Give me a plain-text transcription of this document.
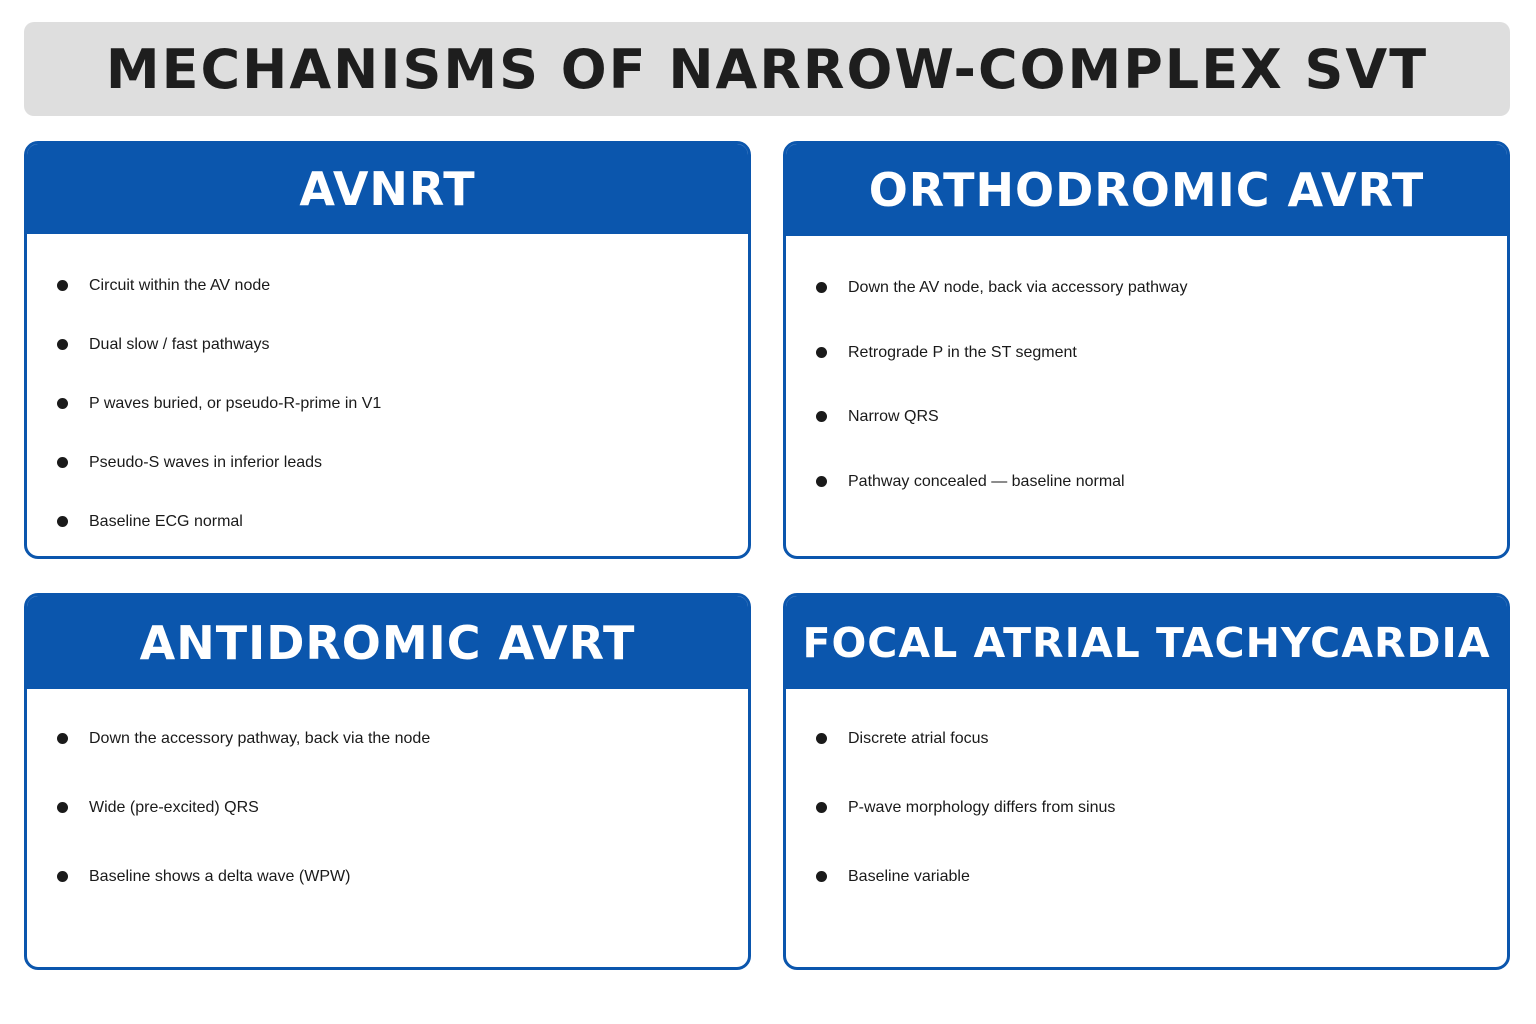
MECHANISMS OF NARROW-COMPLEX SVT
AVNRT
Circuit within the AV node
Dual slow / fast pathways
P waves buried, or pseudo-R-prime in V1
Pseudo-S waves in inferior leads
Baseline ECG normal
ORTHODROMIC AVRT
Down the AV node, back via accessory pathway
Retrograde P in the ST segment
Narrow QRS
Pathway concealed — baseline normal
ANTIDROMIC AVRT
Down the accessory pathway, back via the node
Wide (pre-excited) QRS
Baseline shows a delta wave (WPW)
FOCAL ATRIAL TACHYCARDIA
Discrete atrial focus
P-wave morphology differs from sinus
Baseline variable
